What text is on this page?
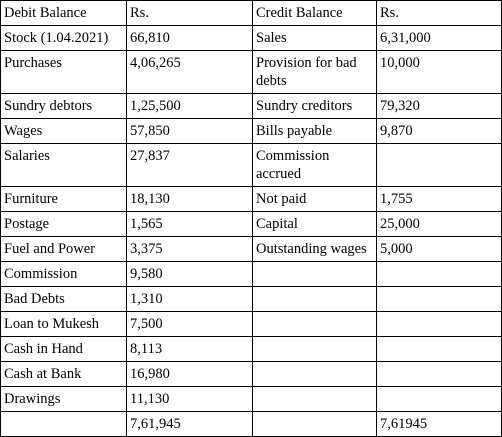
Debit Balance	Rs.	Credit Balance	Rs.
Stock (1.04.2021)	66,810	Sales	6,31,000
Purchases	4,06,265	Provision for bad debts	10,000
Sundry debtors	1,25,500	Sundry creditors	79,320
Wages	57,850	Bills payable	9,870
Salaries	27,837	Commission accrued	
Furniture	18,130	Not paid	1,755
Postage	1,565	Capital	25,000
Fuel and Power	3,375	Outstanding wages	5,000
Commission	9,580		
Bad Debts	1,310		
Loan to Mukesh	7,500		
Cash in Hand	8,113		
Cash at Bank	16,980		
Drawings	11,130		
	7,61,945		7,61945
